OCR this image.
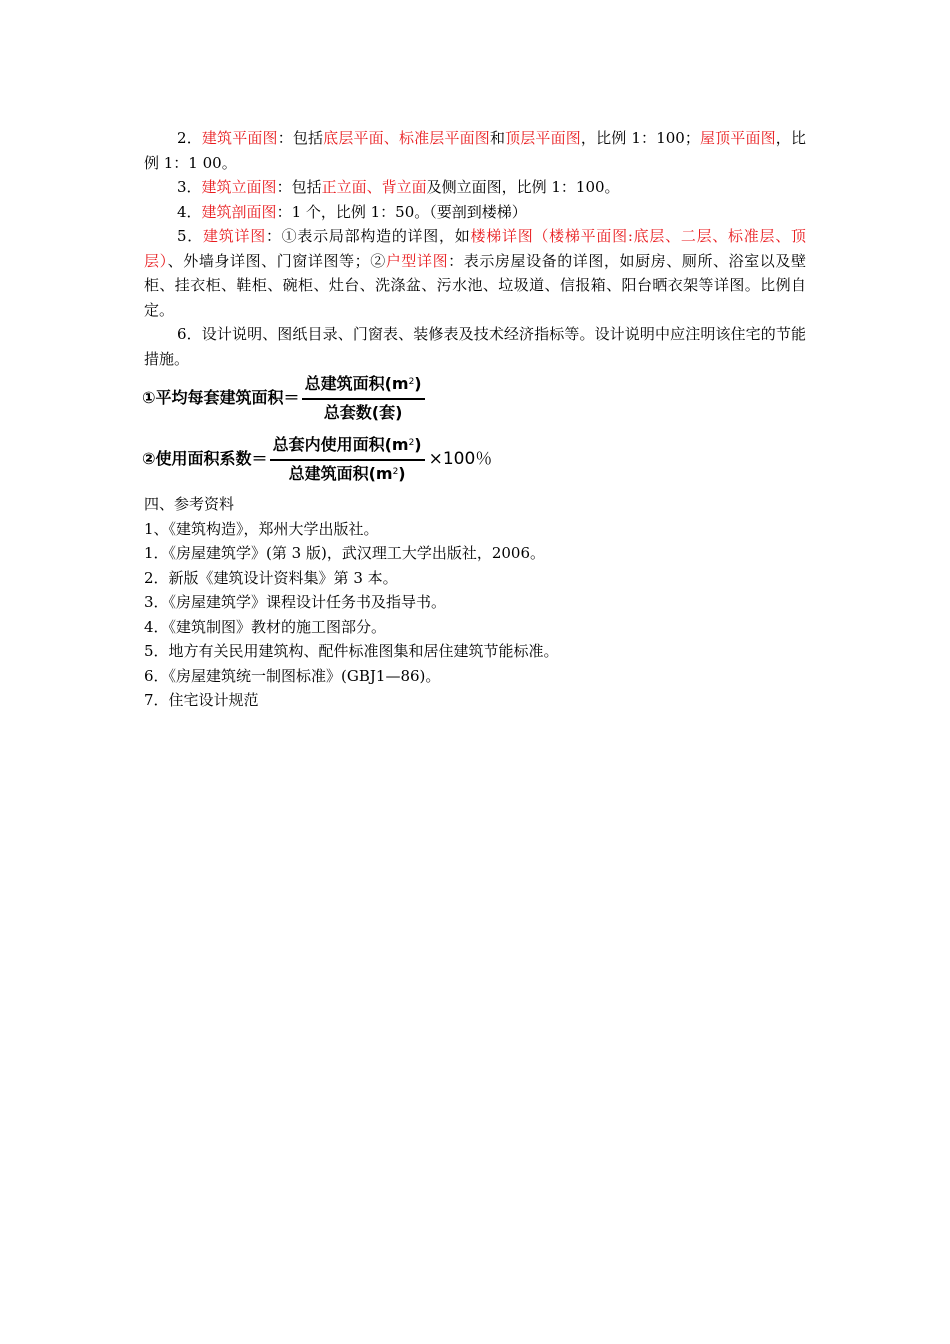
2．建筑平面图：包括底层平面、标准层平面图和顶层平面图，比例 1：100；屋顶平面图，比例 1：1 00。

3．建筑立面图：包括正立面、背立面及侧立面图，比例 1：100。

4．建筑剖面图：1 个，比例 1：50。（要剖到楼梯）

5．建筑详图：①表示局部构造的详图，如楼梯详图（楼梯平面图:底层、二层、标准层、顶层）、外墙身详图、门窗详图等；②户型详图：表示房屋设备的详图，如厨房、厕所、浴室以及壁柜、挂衣柜、鞋柜、碗柜、灶台、洗涤盆、污水池、垃圾道、信报箱、阳台晒衣架等详图。比例自定。

6．设计说明、图纸目录、门窗表、装修表及技术经济指标等。设计说明中应注明该住宅的节能措施。

①平均每套建筑面积＝ $\frac{总建筑面积(m^2)}{\text{总套数(套)}}$
②使用面积系数＝ $\frac{总套内使用面积(m^2)}{总建筑面积(m^2)} \times 100$％
四、参考资料
1、《建筑构造》，郑州大学出版社。
1．《房屋建筑学》(第 3 版)，武汉理工大学出版社，2006。
2．新版《建筑设计资料集》第 3 本。
3．《房屋建筑学》课程设计任务书及指导书。
4．《建筑制图》教材的施工图部分。
5．地方有关民用建筑构、配件标准图集和居住建筑节能标准。
6．《房屋建筑统一制图标准》(GBJ1—86)。
7．住宅设计规范
